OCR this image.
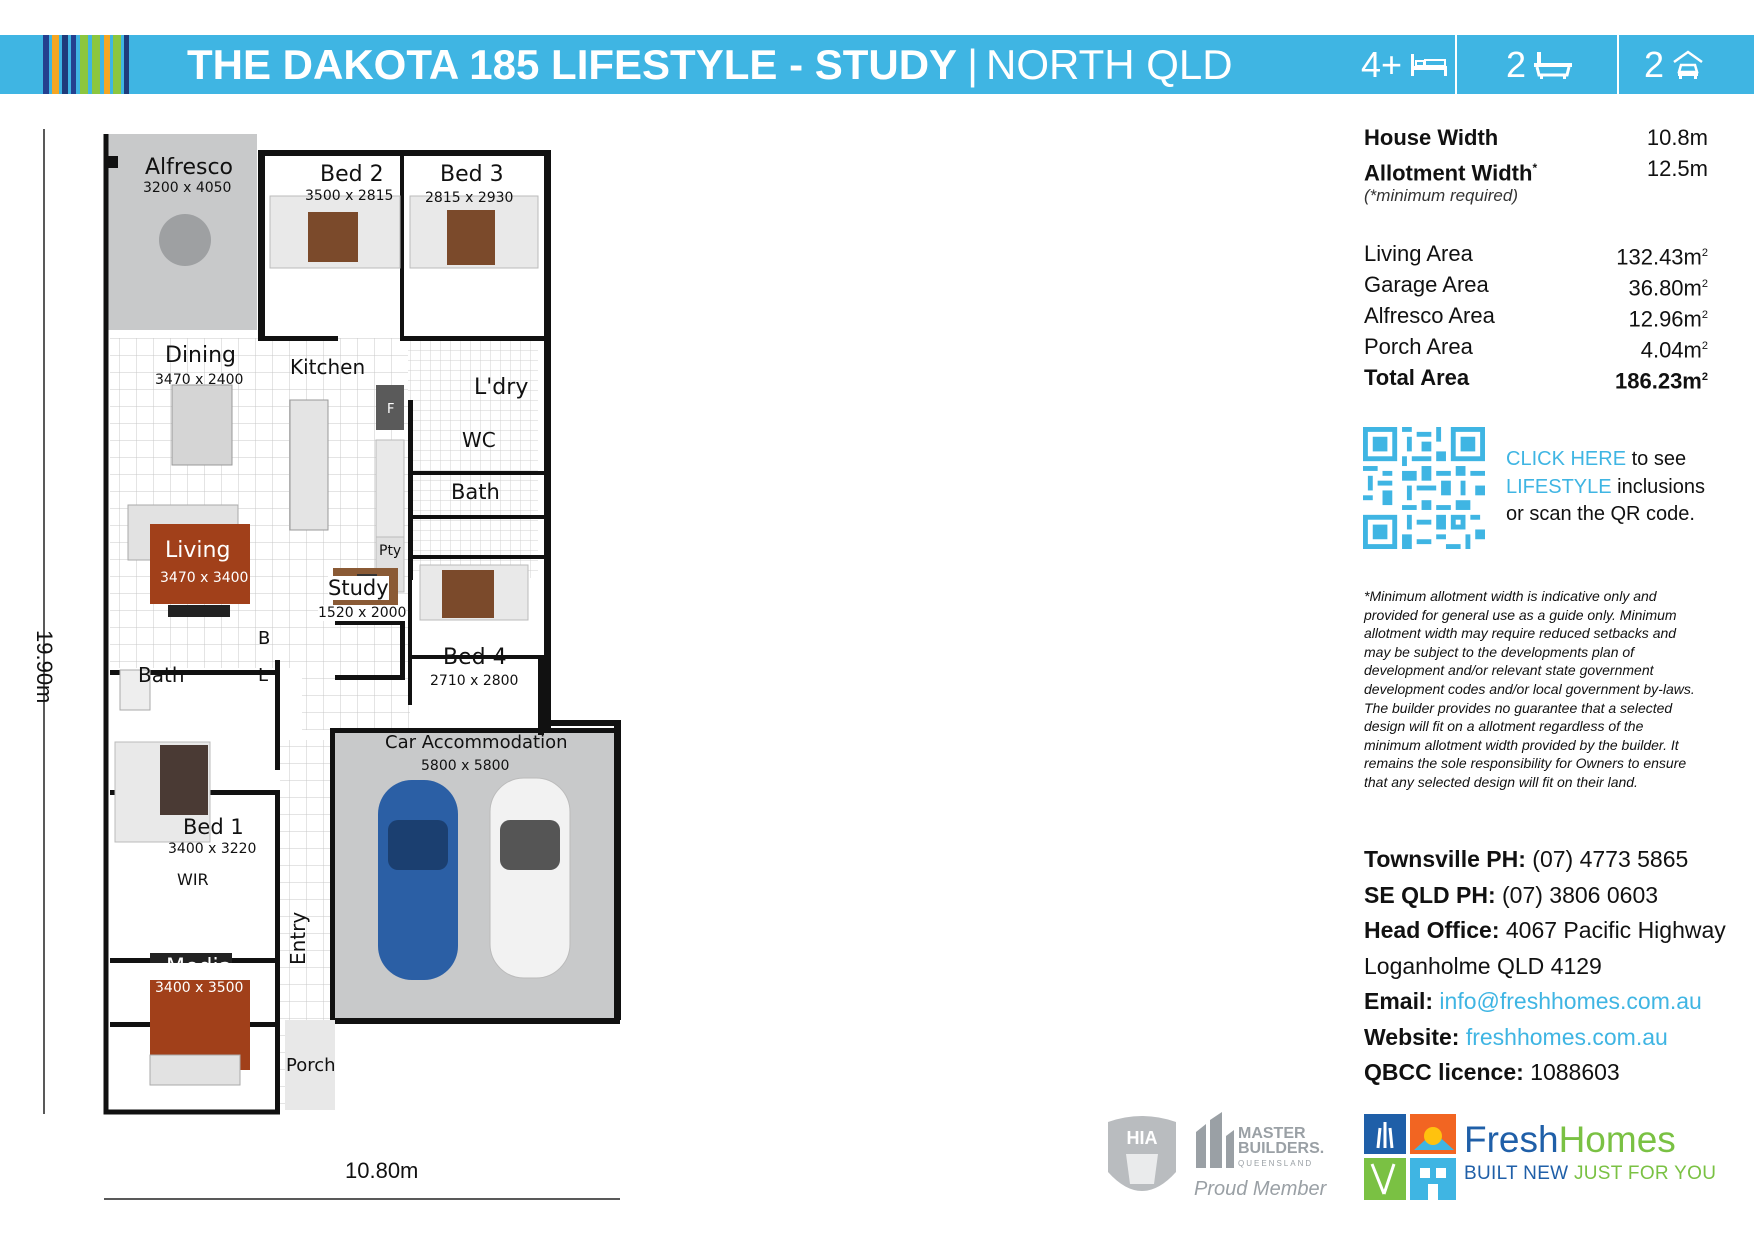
THE DAKOTA 185 LIFESTYLE - STUDY | NORTH QLD	4+	2	2
19.90m
10.80m
Alfresco
3200 x 4050
Bed 2
3500 x 2815
Bed 3
2815 x 2930
Dining
3470 x 2400
Kitchen
L'dry
WC
Bath
F
Pty
Living
3470 x 3400	Study
1520 x 2000
Bed 4
2710 x 2800
Bath
B
L
Car Accommodation
5800 x 5800
Bed 1
3400 x 3220
WIR
Entry
Media
3400 x 3500
Porch
House Width	10.8m
Allotment Width*	12.5m
(*minimum required)
Living Area	$132.43m^2$
Garage Area	$36.80m^2$
Alfresco Area	$12.96m^2$
Porch Area	$4.04m^2$
Total Area	$186.23m^2$
CLICK HERE to see
LIFESTYLE inclusions
or scan the QR code.
*Minimum allotment width is indicative only and provided for general use as a guide only. Minimum allotment width may require reduced setbacks and may be subject to the developments plan of development and/or relevant state government development codes and/or local government by-laws. The builder provides no guarantee that a selected design will fit on a allotment regardless of the minimum allotment width provided by the builder. It remains the sole responsibility for Owners to ensure that any selected design will fit on their land.
Townsville PH: (07) 4773 5865
SE QLD PH: (07) 3806 0603
Head Office: 4067 Pacific Highway
Loganholme QLD 4129
Email: info@freshhomes.com.au
Website: freshhomes.com.au
QBCC licence: 1088603
HIA	MASTER
BUILDERS.
QUEENSLAND
Proud Member
FreshHomes
BUILT NEW JUST FOR YOU
